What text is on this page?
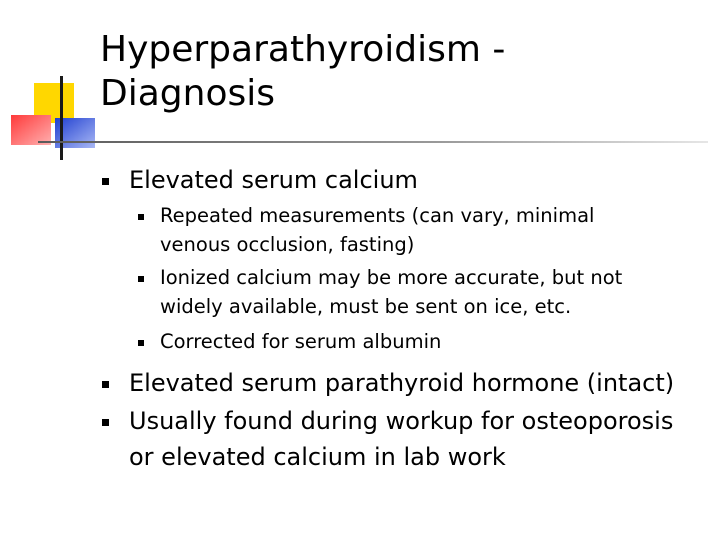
Hyperparathyroidism -
Diagnosis
Elevated serum calcium
Repeated measurements (can vary, minimal
venous occlusion, fasting)
Ionized calcium may be more accurate, but not
widely available, must be sent on ice, etc.
Corrected for serum albumin
Elevated serum parathyroid hormone (intact)
Usually found during workup for osteoporosis
or elevated calcium in lab work
